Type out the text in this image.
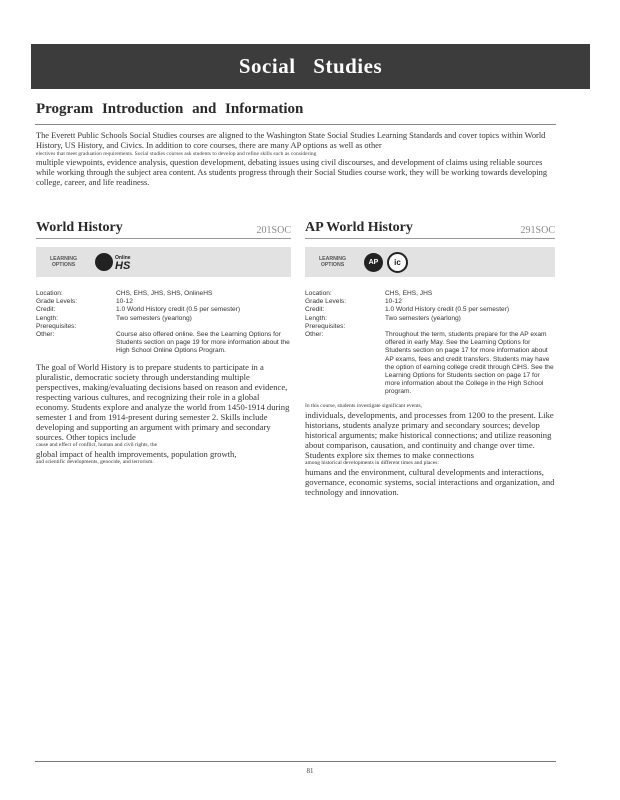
Social Studies
Program Introduction and Information

The Everett Public Schools Social Studies courses are aligned to the Washington State Social Studies Learning Standards and cover topics within World History, US History, and Civics. In addition to core courses, there are many AP options as well as other

electives that meet graduation requirements. Social studies courses ask students to develop and refine skills such as considering

multiple viewpoints, evidence analysis, question development, debating issues using civil discourses, and development of claims using reliable sources while working through the subject area content. As students progress through their Social Studies course work, they will be working towards developing college, career, and life readiness.

World History	201SOC
LEARNING
OPTIONS
Online
HS
Location:	CHS, EHS, JHS, SHS, OnlineHS
Grade Levels:	10-12
Credit:	1.0 World History credit (0.5 per semester)
Length:	Two semesters (yearlong)
Prerequisites:
Other:	Course also offered online. See the Learning Options for Students section on page 19 for more information about the High School Online Options Program.

The goal of World History is to prepare students to participate in a pluralistic, democratic society through understanding multiple perspectives, making/evaluating decisions based on reason and evidence, respecting various cultures, and recognizing their role in a global economy. Students explore and analyze the world from 1450-1914 during semester 1 and from 1914-present during semester 2. Skills include developing and supporting an argument with primary and secondary sources. Other topics include

cause and effect of conflict, human and civil rights, the

global impact of health improvements, population growth,

and scientific developments, genocide, and terrorism.

AP World History	291SOC
LEARNING
OPTIONS	AP	ic
Location:	CHS, EHS, JHS
Grade Levels:	10-12
Credit:	1.0 World History credit (0.5 per semester)
Length:	Two semesters (yearlong)
Prerequisites:
Other:	Throughout the term, students prepare for the AP exam offered in early May. See the Learning Options for Students section on page 17 for more information about AP exams, fees and credit transfers. Students may have the option of earning college credit through CiHS. See the Learning Options for Students section on page 17 for more information about the College in the High School program.

In this course, students investigate significant events,

individuals, developments, and processes from 1200 to the present. Like historians, students analyze primary and secondary sources; develop historical arguments; make historical connections; and utilize reasoning about comparison, causation, and continuity and change over time. Students explore six themes to make connections

among historical developments in different times and places:

humans and the environment, cultural developments and interactions, governance, economic systems, social interactions and organization, and technology and innovation.

81
